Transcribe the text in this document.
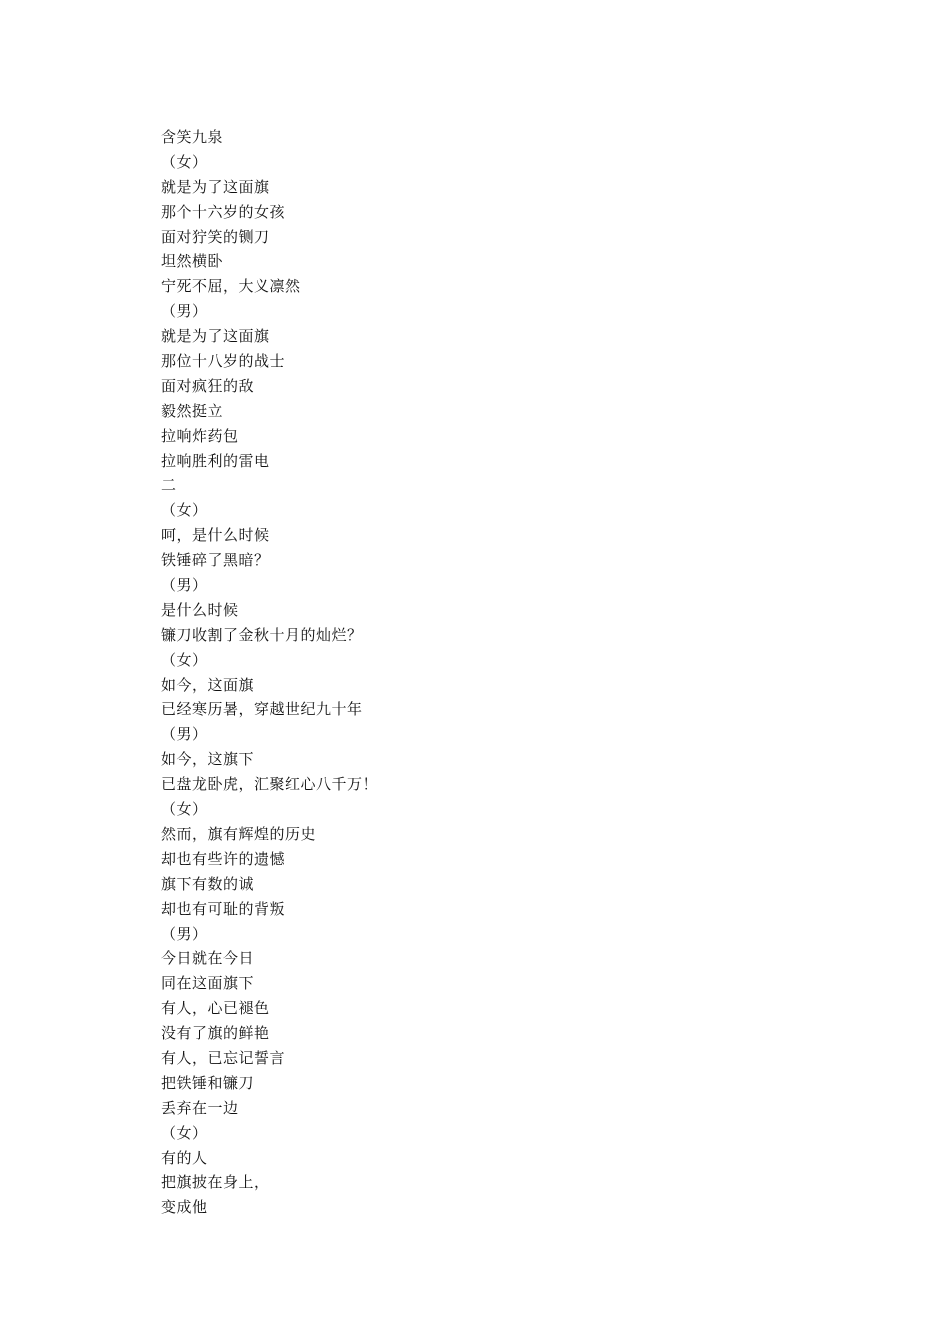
含笑九泉
（女）
就是为了这面旗
那个十六岁的女孩
面对狞笑的铡刀
坦然横卧
宁死不屈，大义凛然
（男）
就是为了这面旗
那位十八岁的战士
面对疯狂的敌
毅然挺立
拉响炸药包
拉响胜利的雷电
二
（女）
呵，是什么时候
铁锤碎了黑暗？
（男）
是什么时候
镰刀收割了金秋十月的灿烂？
（女）
如今，这面旗
已经寒历暑，穿越世纪九十年
（男）
如今，这旗下
已盘龙卧虎，汇聚红心八千万！
（女）
然而，旗有辉煌的历史
却也有些许的遗憾
旗下有数的诚
却也有可耻的背叛
（男）
今日就在今日
同在这面旗下
有人，心已褪色
没有了旗的鲜艳
有人，已忘记誓言
把铁锤和镰刀
丢弃在一边
（女）
有的人
把旗披在身上，
变成他
